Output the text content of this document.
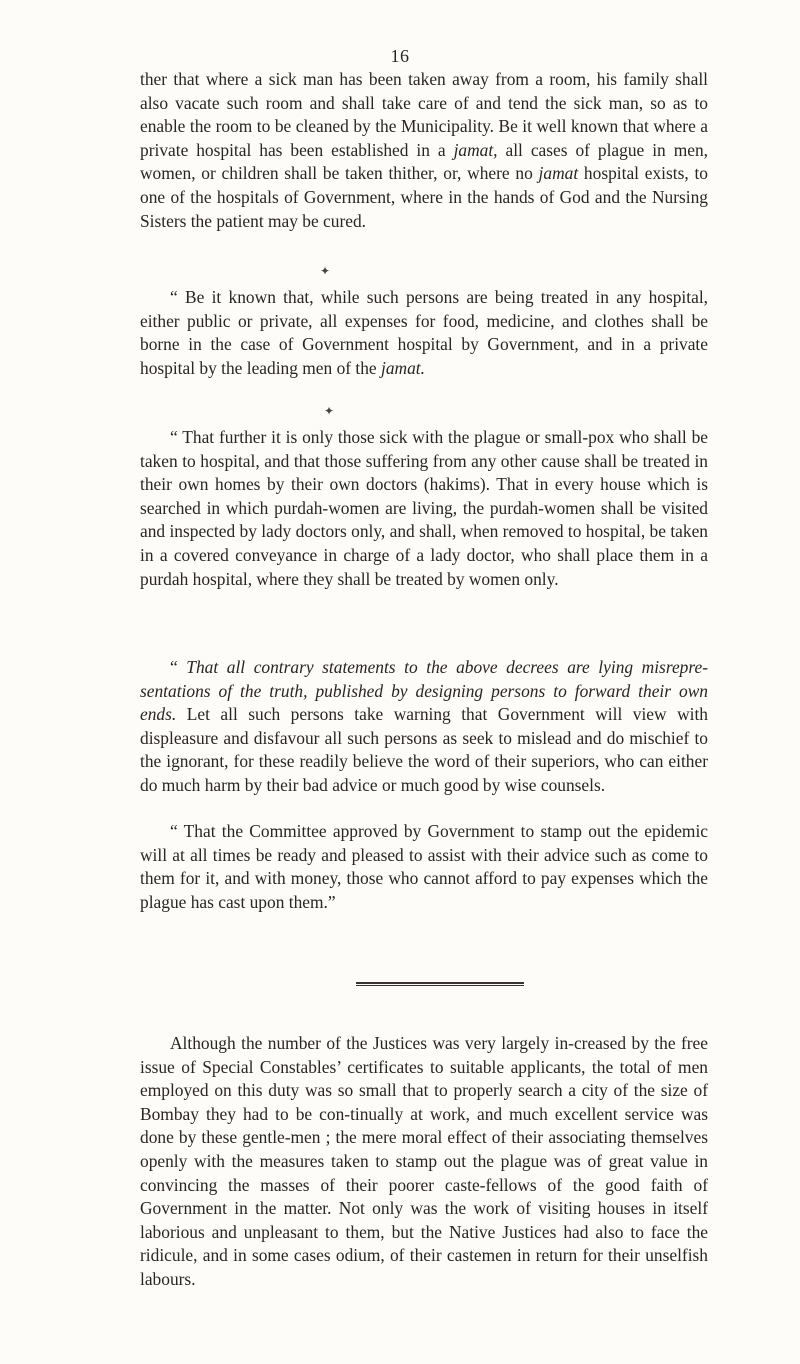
16

ther that where a sick man has been taken away from a room, his family shall also vacate such room and shall take care of and tend the sick man, so as to enable the room to be cleaned by the Municipality. Be it well known that where a private hospital has been established in a jamat, all cases of plague in men, women, or children shall be taken thither, or, where no jamat hospital exists, to one of the hospitals of Government, where in the hands of God and the Nursing Sisters the patient may be cured.

✦

“ Be it known that, while such persons are being treated in any hospital, either public or private, all expenses for food, medicine, and clothes shall be borne in the case of Government hospital by Government, and in a private hospital by the leading men of the jamat.

✦

“ That further it is only those sick with the plague or small-pox who shall be taken to hospital, and that those suffering from any other cause shall be treated in their own homes by their own doctors (hakims). That in every house which is searched in which purdah-women are living, the purdah-women shall be visited and inspected by lady doctors only, and shall, when removed to hospital, be taken in a covered conveyance in charge of a lady doctor, who shall place them in a purdah hospital, where they shall be treated by women only.

“ That all contrary statements to the above decrees are lying misrepre-sentations of the truth, published by designing persons to forward their own ends. Let all such persons take warning that Government will view with displeasure and disfavour all such persons as seek to mislead and do mischief to the ignorant, for these readily believe the word of their superiors, who can either do much harm by their bad advice or much good by wise counsels.

“ That the Committee approved by Government to stamp out the epidemic will at all times be ready and pleased to assist with their advice such as come to them for it, and with money, those who cannot afford to pay expenses which the plague has cast upon them.”

Although the number of the Justices was very largely in-creased by the free issue of Special Constables’ certificates to suitable applicants, the total of men employed on this duty was so small that to properly search a city of the size of Bombay they had to be con-tinually at work, and much excellent service was done by these gentle-men ; the mere moral effect of their associating themselves openly with the measures taken to stamp out the plague was of great value in convincing the masses of their poorer caste-fellows of the good faith of Government in the matter. Not only was the work of visiting houses in itself laborious and unpleasant to them, but the Native Justices had also to face the ridicule, and in some cases odium, of their castemen in return for their unselfish labours.
